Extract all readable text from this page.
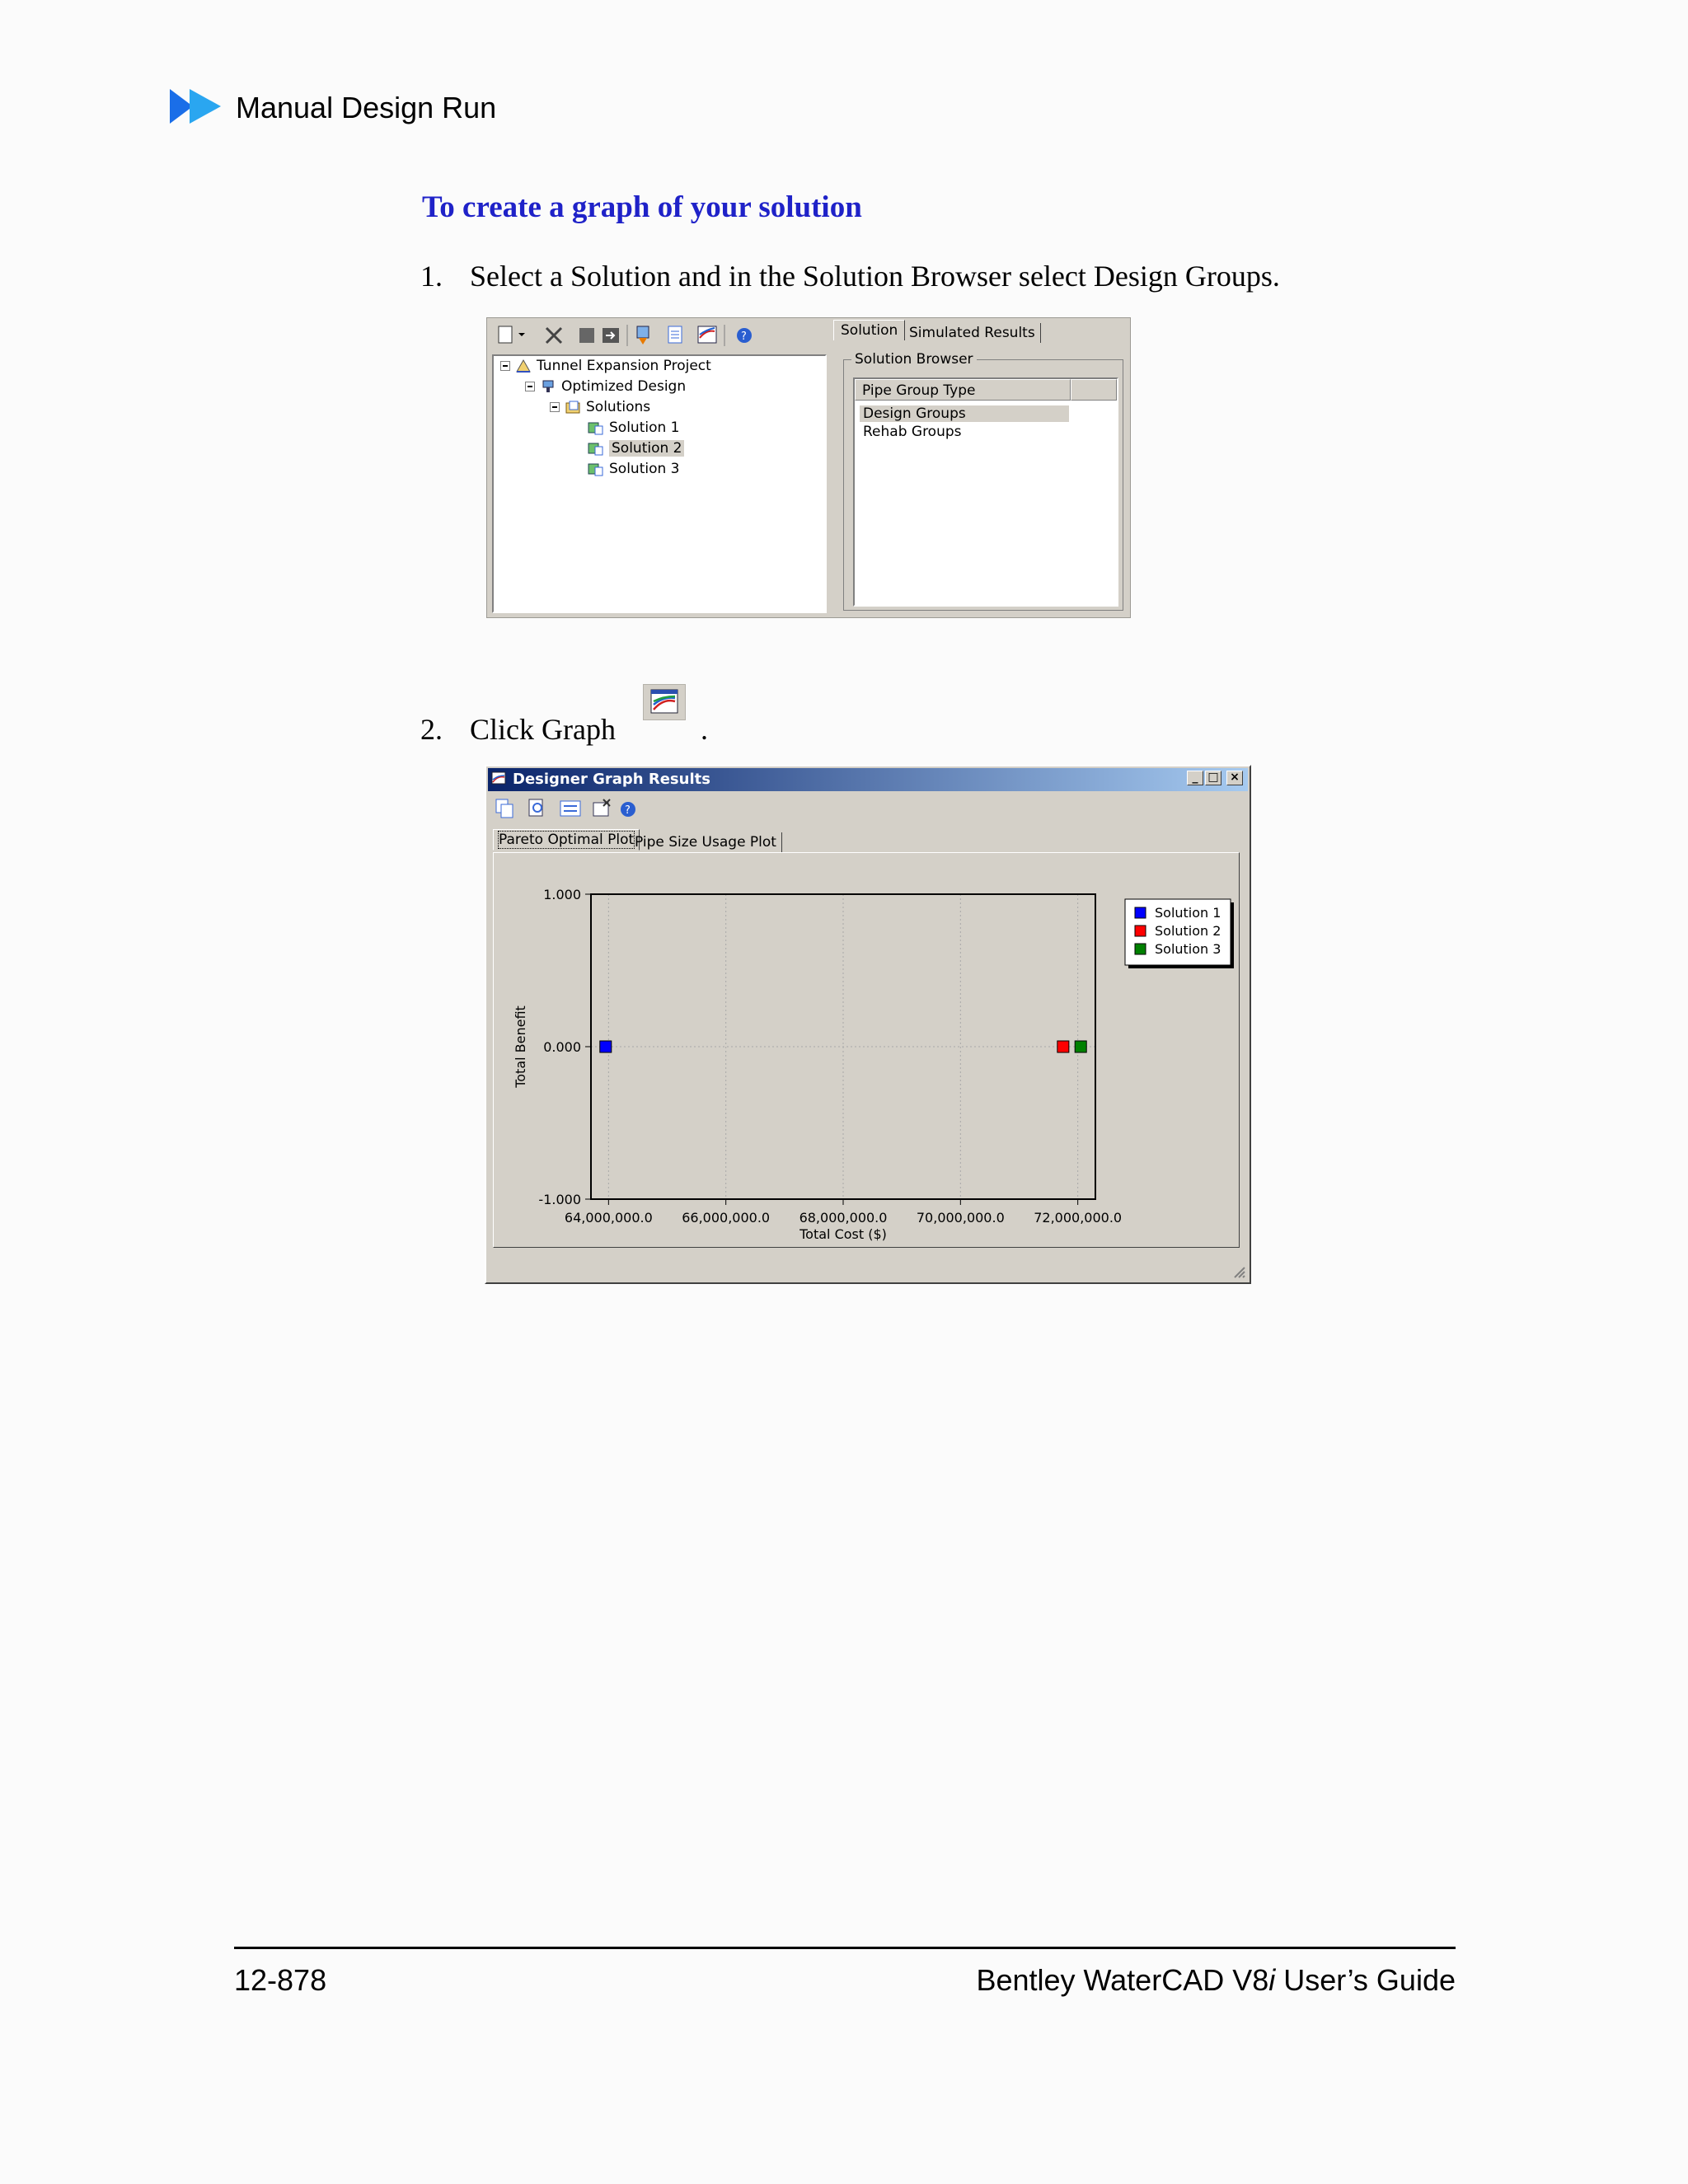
Manual Design Run
To create a graph of your solution
1. Select a Solution and in the Solution Browser select Design Groups.
?
Tunnel Expansion Project
Optimized Design
Solutions
Solution 1
Solution 2
Solution 3
Solution Simulated Results
Solution Browser
Pipe Group Type
Design Groups
Rehab Groups
2. Click Graph	.
Designer Graph Results	_ □ ×
?
Pareto Optimal Plot Pipe Size Usage Plot
64,000,000.0 66,000,000.0 68,000,000.0 70,000,000.0 72,000,000.0
1.000
0.000
-1.000
Total Cost ($)
Total Benefit
Solution 1
Solution 2
Solution 3
12-878	Bentley WaterCAD V8i User’s Guide
